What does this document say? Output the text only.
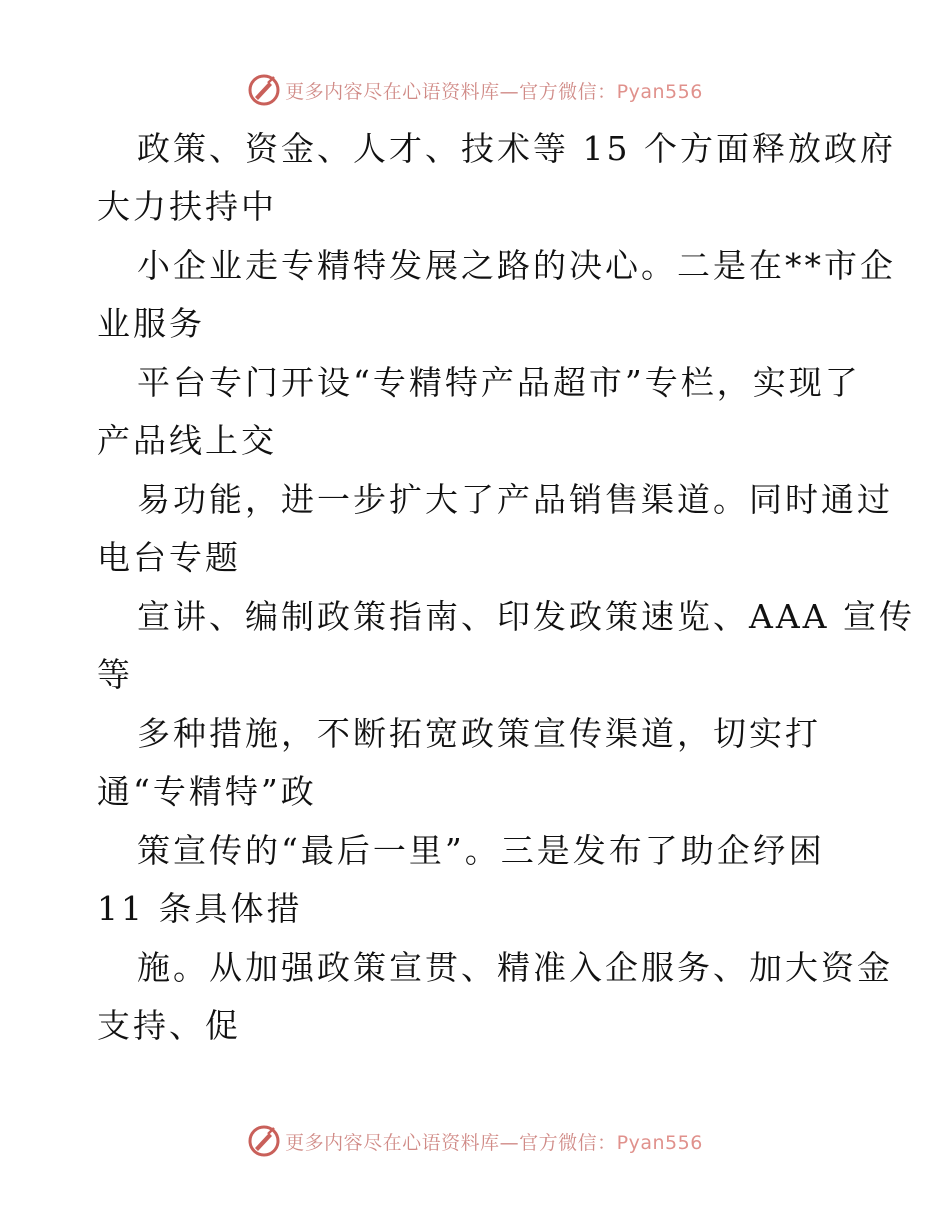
更多内容尽在心语资料库—官方微信：Pyan556
政策、资金、人才、技术等 15 个方面释放政府
大力扶持中
小企业走专精特发展之路的决心。二是在**市企
业服务
平台专门开设“专精特产品超市”专栏，实现了
产品线上交
易功能，进一步扩大了产品销售渠道。同时通过
电台专题
宣讲、编制政策指南、印发政策速览、AAA 宣传
等
多种措施，不断拓宽政策宣传渠道，切实打
通“专精特”政
策宣传的“最后一里”。三是发布了助企纾困
11 条具体措
施。从加强政策宣贯、精准入企服务、加大资金
支持、促
更多内容尽在心语资料库—官方微信：Pyan556
